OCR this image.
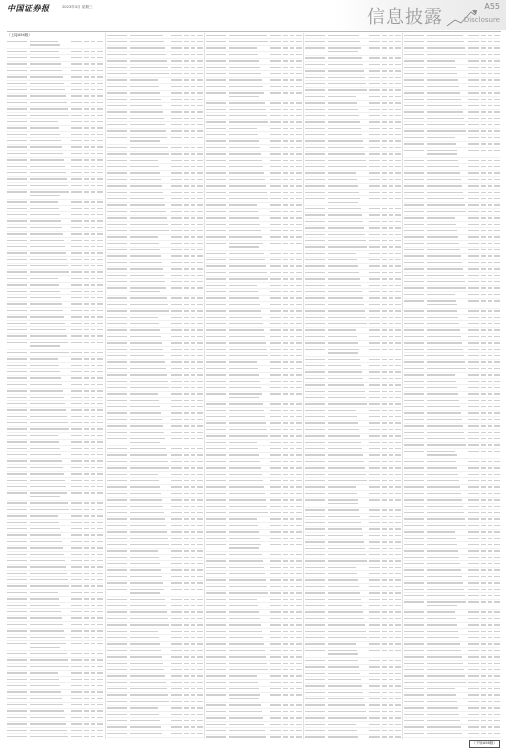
中国证券报	2023年3月 星期三	信息披露
A55
Disclosure
（上接A54版）
（下转A56版）
